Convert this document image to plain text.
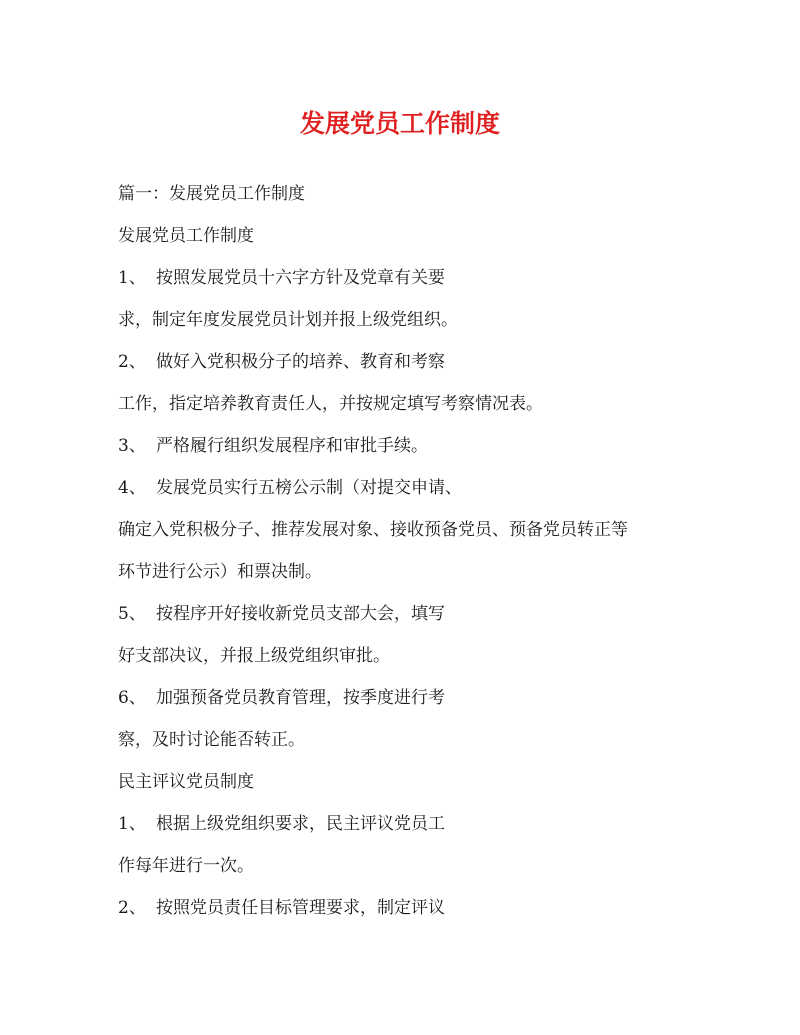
发展党员工作制度

篇一：发展党员工作制度

发展党员工作制度

1、 按照发展党员十六字方针及党章有关要

求，制定年度发展党员计划并报上级党组织。

2、 做好入党积极分子的培养、教育和考察

工作，指定培养教育责任人，并按规定填写考察情况表。

3、 严格履行组织发展程序和审批手续。

4、 发展党员实行五榜公示制（对提交申请、

确定入党积极分子、推荐发展对象、接收预备党员、预备党员转正等

环节进行公示）和票决制。

5、 按程序开好接收新党员支部大会，填写

好支部决议，并报上级党组织审批。

6、 加强预备党员教育管理，按季度进行考

察，及时讨论能否转正。

民主评议党员制度

1、 根据上级党组织要求，民主评议党员工

作每年进行一次。

2、 按照党员责任目标管理要求，制定评议
